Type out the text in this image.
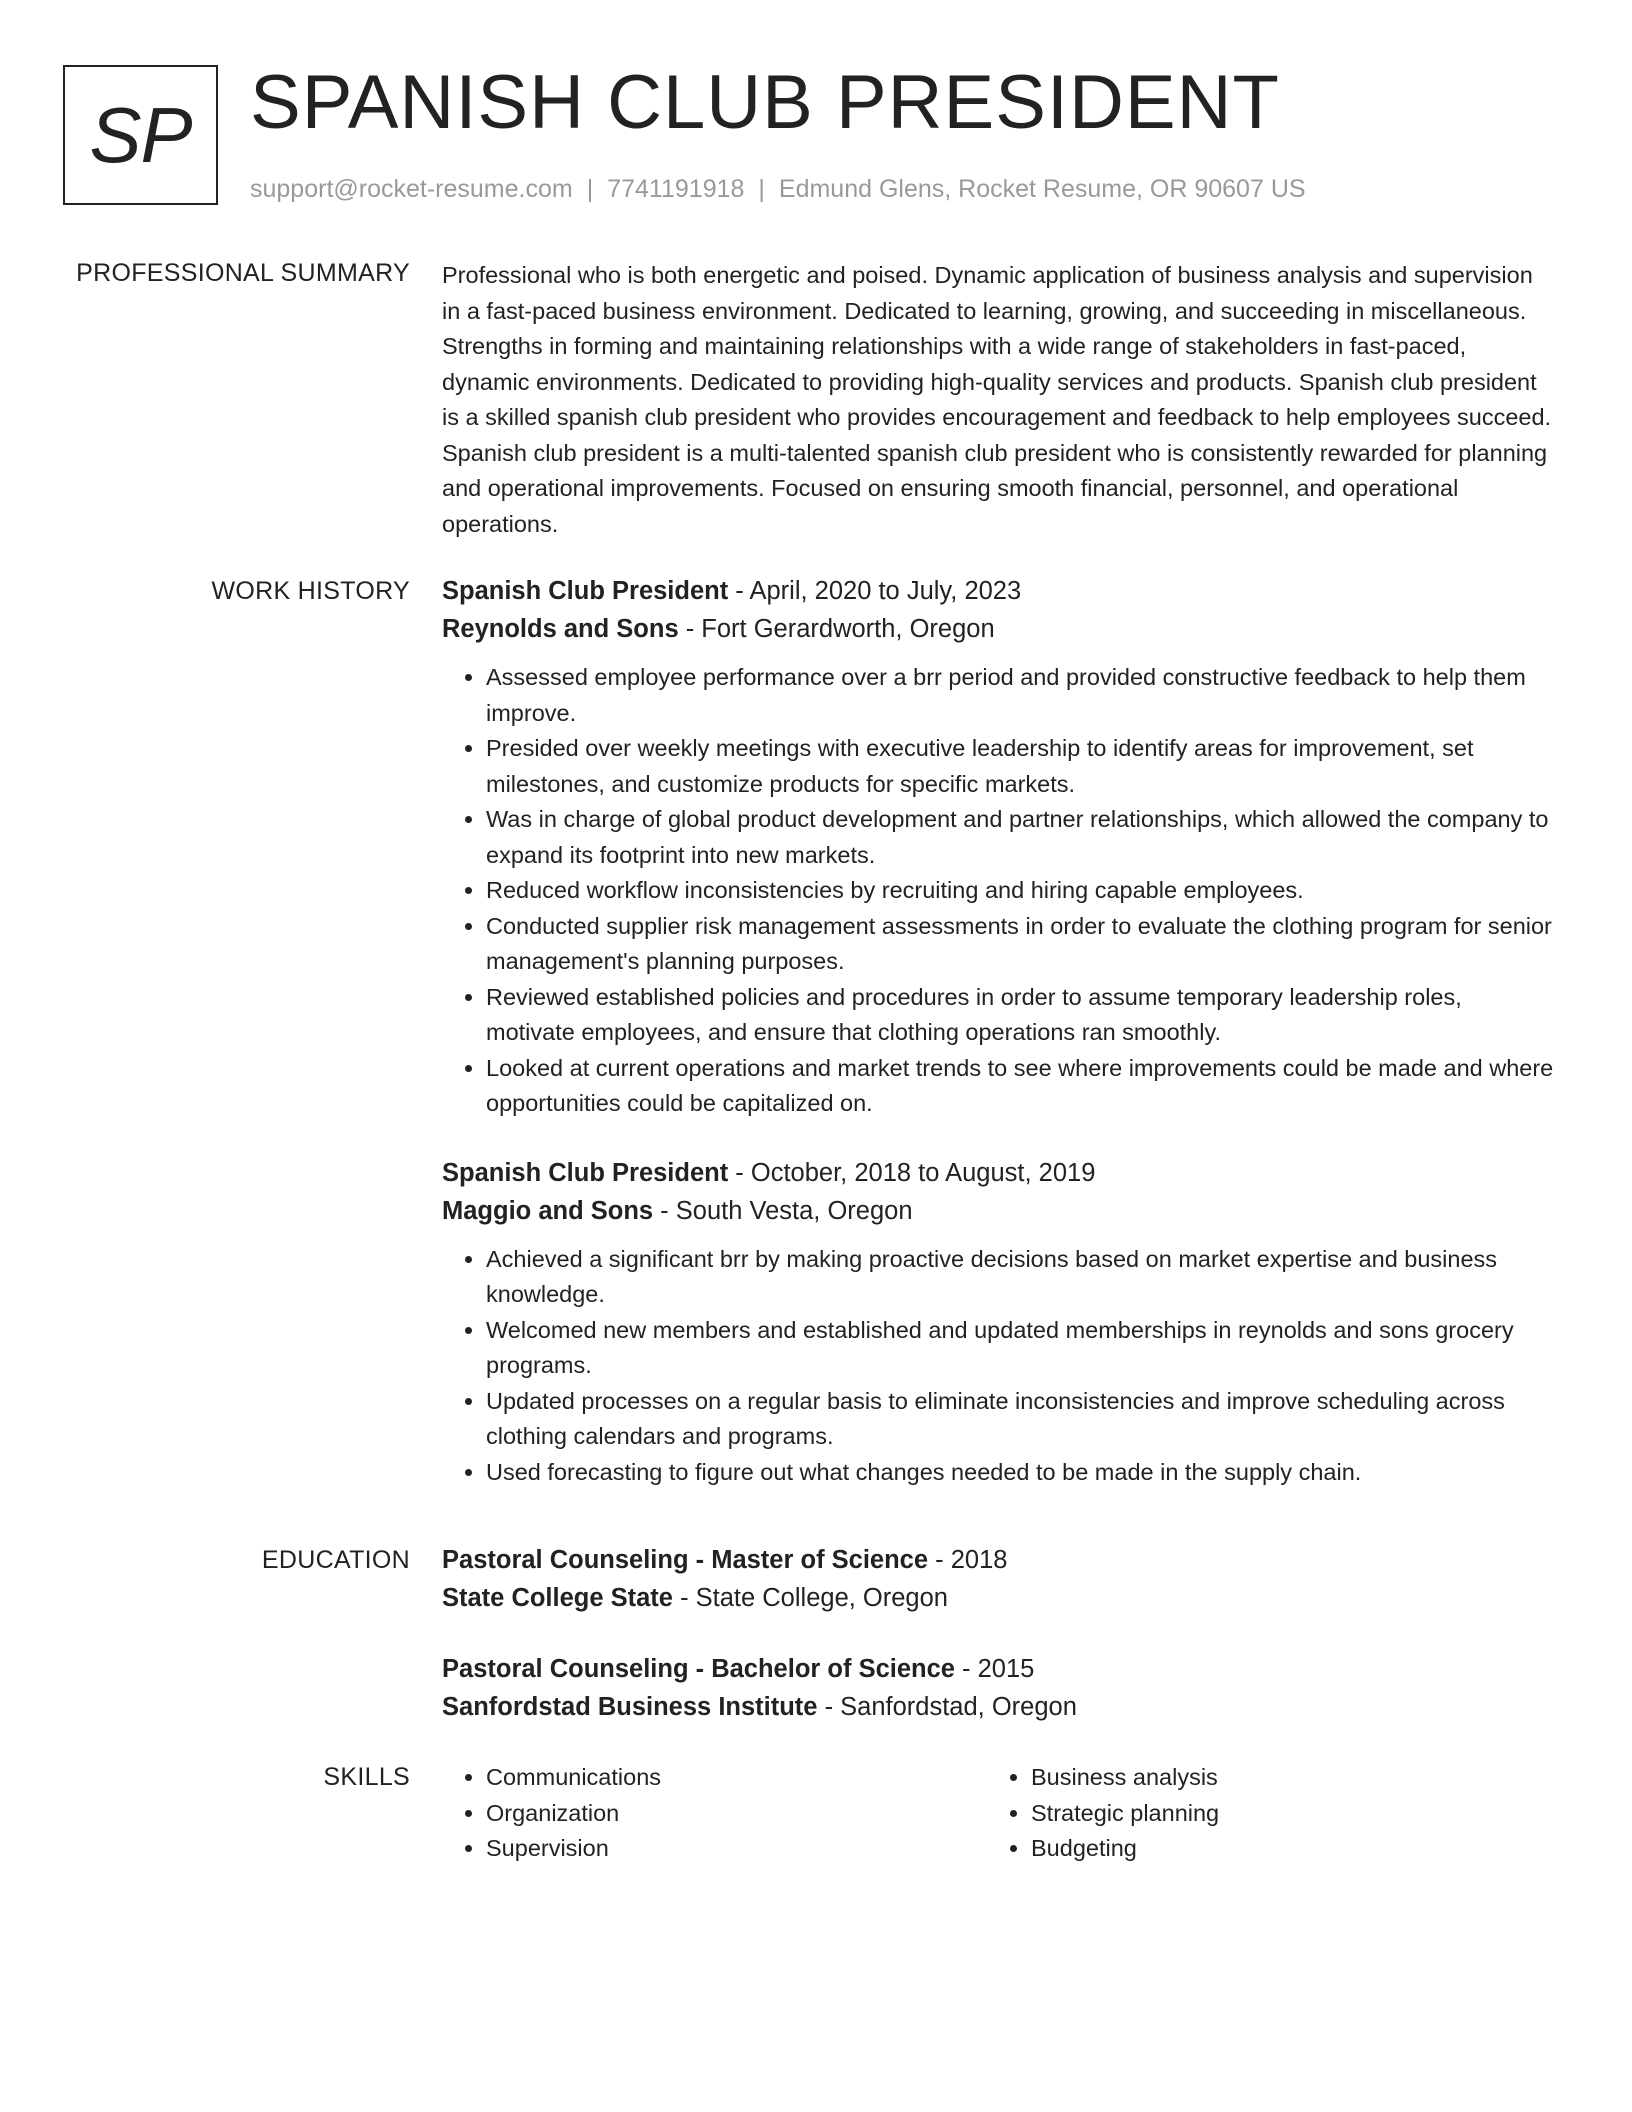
SP SPANISH CLUB PRESIDENT
support@rocket-resume.com | 7741191918 | Edmund Glens, Rocket Resume, OR 90607 US
PROFESSIONAL SUMMARY Professional who is both energetic and poised. Dynamic application of business analysis and supervision in a fast-paced business environment. Dedicated to learning, growing, and succeeding in miscellaneous. Strengths in forming and maintaining relationships with a wide range of stakeholders in fast-paced, dynamic environments. Dedicated to providing high-quality services and products. Spanish club president is a skilled spanish club president who provides encouragement and feedback to help employees succeed. Spanish club president is a multi-talented spanish club president who is consistently rewarded for planning and operational improvements. Focused on ensuring smooth financial, personnel, and operational operations.

WORK HISTORY Spanish Club President - April, 2020 to July, 2023
Reynolds and Sons - Fort Gerardworth, Oregon
• Assessed employee performance over a brr period and provided constructive feedback to help them improve.
• Presided over weekly meetings with executive leadership to identify areas for improvement, set milestones, and customize products for specific markets.
• Was in charge of global product development and partner relationships, which allowed the company to expand its footprint into new markets.
• Reduced workflow inconsistencies by recruiting and hiring capable employees.
• Conducted supplier risk management assessments in order to evaluate the clothing program for senior management's planning purposes.
• Reviewed established policies and procedures in order to assume temporary leadership roles, motivate employees, and ensure that clothing operations ran smoothly.
• Looked at current operations and market trends to see where improvements could be made and where opportunities could be capitalized on.
Spanish Club President - October, 2018 to August, 2019
Maggio and Sons - South Vesta, Oregon
• Achieved a significant brr by making proactive decisions based on market expertise and business knowledge.
• Welcomed new members and established and updated memberships in reynolds and sons grocery programs.
• Updated processes on a regular basis to eliminate inconsistencies and improve scheduling across clothing calendars and programs.
• Used forecasting to figure out what changes needed to be made in the supply chain.
EDUCATION Pastoral Counseling - Master of Science - 2018
State College State - State College, Oregon
Pastoral Counseling - Bachelor of Science - 2015
Sanfordstad Business Institute - Sanfordstad, Oregon
SKILLS
•	Communications
• Organization
• Supervision
• Business analysis
• Strategic planning
• Budgeting
